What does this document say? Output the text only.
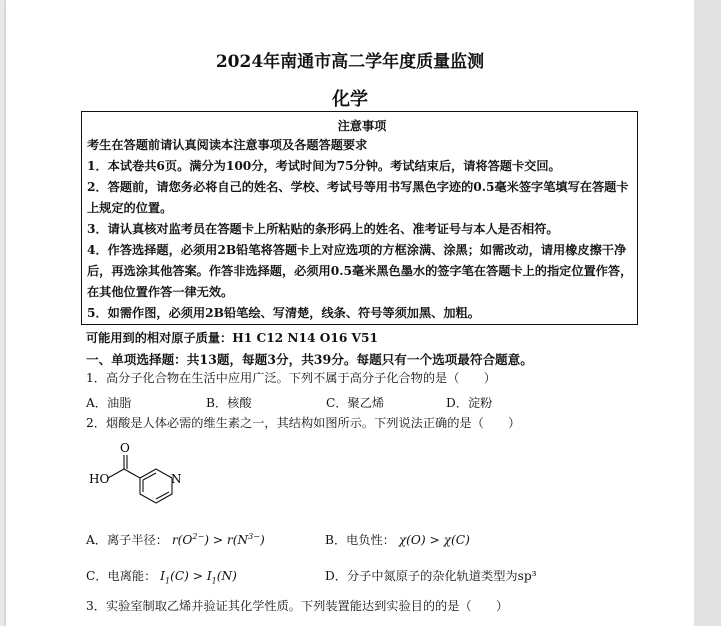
2024年南通市高二学年度质量监测
化学

注意事项

考生在答题前请认真阅读本注意事项及各题答题要求

1．本试卷共6页。满分为100分，考试时间为75分钟。考试结束后，请将答题卡交回。

2．答题前，请您务必将自己的姓名、学校、考试号等用书写黑色字迹的0.5毫米签字笔填写在答题卡上规定的位置。

3．请认真核对监考员在答题卡上所粘贴的条形码上的姓名、准考证号与本人是否相符。

4．作答选择题，必须用2B铅笔将答题卡上对应选项的方框涂满、涂黑；如需改动，请用橡皮擦干净后，再选涂其他答案。作答非选择题，必须用0.5毫米黑色墨水的签字笔在答题卡上的指定位置作答，在其他位置作答一律无效。

5．如需作图，必须用2B铅笔绘、写清楚，线条、符号等须加黑、加粗。

可能用到的相对原子质量：H1 C12 N14 O16 V51
一、单项选择题：共13题，每题3分，共39分。每题只有一个选项最符合题意。
1．高分子化合物在生活中应用广泛。下列不属于高分子化合物的是（　　）
A．油脂	B．核酸	C．聚乙烯	D．淀粉
2．烟酸是人体必需的维生素之一，其结构如图所示。下列说法正确的是（　　）
HO
O
N
A．离子半径： $r(O^{2-}) > r(N^{3-})$	B．电负性： χ(O) > χ(C)
C．电离能： $I_1(C) > I_1(N)$	D．分子中氮原子的杂化轨道类型为sp³
3．实验室制取乙烯并验证其化学性质。下列装置能达到实验目的的是（　　）
